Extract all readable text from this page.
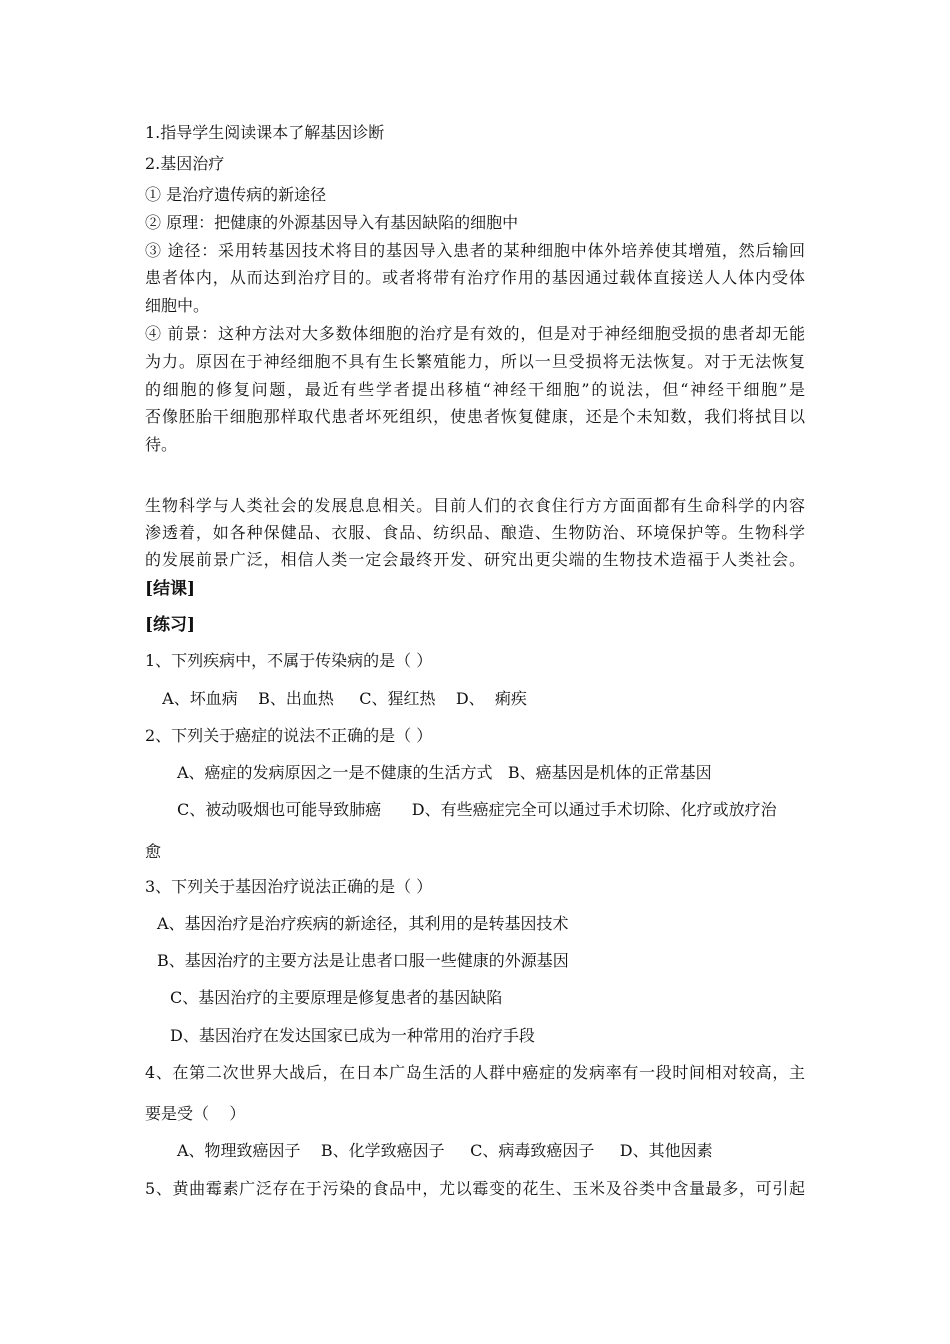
1.指导学生阅读课本了解基因诊断
2.基因治疗
① 是治疗遗传病的新途径
② 原理：把健康的外源基因导入有基因缺陷的细胞中
③ 途径：采用转基因技术将目的基因导入患者的某种细胞中体外培养使其增殖，然后输回
患者体内，从而达到治疗目的。或者将带有治疗作用的基因通过载体直接送人人体内受体
细胞中。
④ 前景：这种方法对大多数体细胞的治疗是有效的，但是对于神经细胞受损的患者却无能
为力。原因在于神经细胞不具有生长繁殖能力，所以一旦受损将无法恢复。对于无法恢复
的细胞的修复问题，最近有些学者提出移植“神经干细胞”的说法，但“神经干细胞”是
否像胚胎干细胞那样取代患者坏死组织，使患者恢复健康，还是个未知数，我们将拭目以
待。
生物科学与人类社会的发展息息相关。目前人们的衣食住行方方面面都有生命科学的内容
渗透着，如各种保健品、衣服、食品、纺织品、酿造、生物防治、环境保护等。生物科学
的发展前景广泛，相信人类一定会最终开发、研究出更尖端的生物技术造福于人类社会。
[结课]
[练习]
1、下列疾病中，不属于传染病的是（ ）
A、坏血病    B、出血热     C、猩红热    D、  痢疾
2、下列关于癌症的说法不正确的是（ ）
A、癌症的发病原因之一是不健康的生活方式   B、癌基因是机体的正常基因
C、被动吸烟也可能导致肺癌      D、有些癌症完全可以通过手术切除、化疗或放疗治
愈
3、下列关于基因治疗说法正确的是（ ）
A、基因治疗是治疗疾病的新途径，其利用的是转基因技术
B、基因治疗的主要方法是让患者口服一些健康的外源基因
C、基因治疗的主要原理是修复患者的基因缺陷
D、基因治疗在发达国家已成为一种常用的治疗手段
4、在第二次世界大战后，在日本广岛生活的人群中癌症的发病率有一段时间相对较高，主
要是受（    ）
A、物理致癌因子    B、化学致癌因子     C、病毒致癌因子     D、其他因素
5、黄曲霉素广泛存在于污染的食品中，尤以霉变的花生、玉米及谷类中含量最多，可引起
